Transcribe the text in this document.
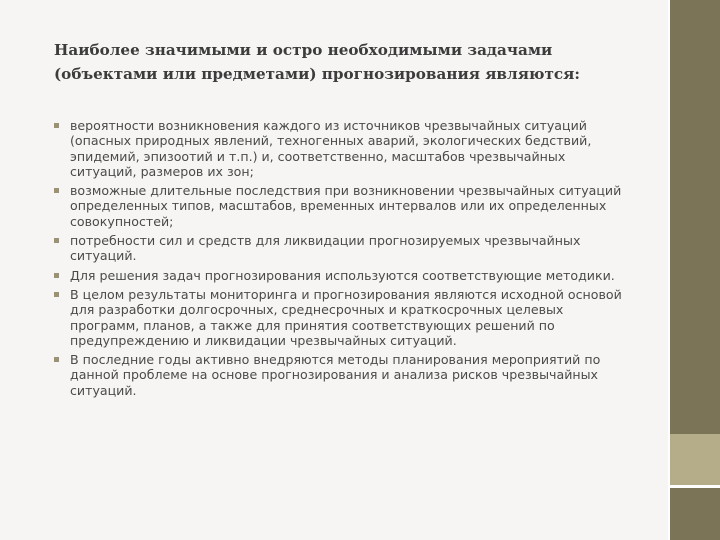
Наиболее значимыми и остро необходимыми задачами (объектами или предметами) прогнозирования являются:
вероятности возникновения каждого из источников чрезвычайных ситуаций (опасных природных явлений, техногенных аварий, экологических бедствий, эпидемий, эпизоотий и т.п.) и, соответственно, масштабов чрезвычайных ситуаций, размеров их зон;
возможные длительные последствия при возникновении чрезвычайных ситуаций определенных типов, масштабов, временных интервалов или их определенных совокупностей;
потребности сил и средств для ликвидации прогнозируемых чрезвычайных ситуаций.
Для решения задач прогнозирования используются соответствующие методики.
В целом результаты мониторинга и прогнозирования являются исходной основой для разработки долгосрочных, среднесрочных и краткосрочных целевых программ, планов, а также для принятия соответствующих решений по предупреждению и ликвидации чрезвычайных ситуаций.
В последние годы активно внедряются методы планирования мероприятий по данной проблеме на основе прогнозирования и анализа рисков чрезвычайных ситуаций.
